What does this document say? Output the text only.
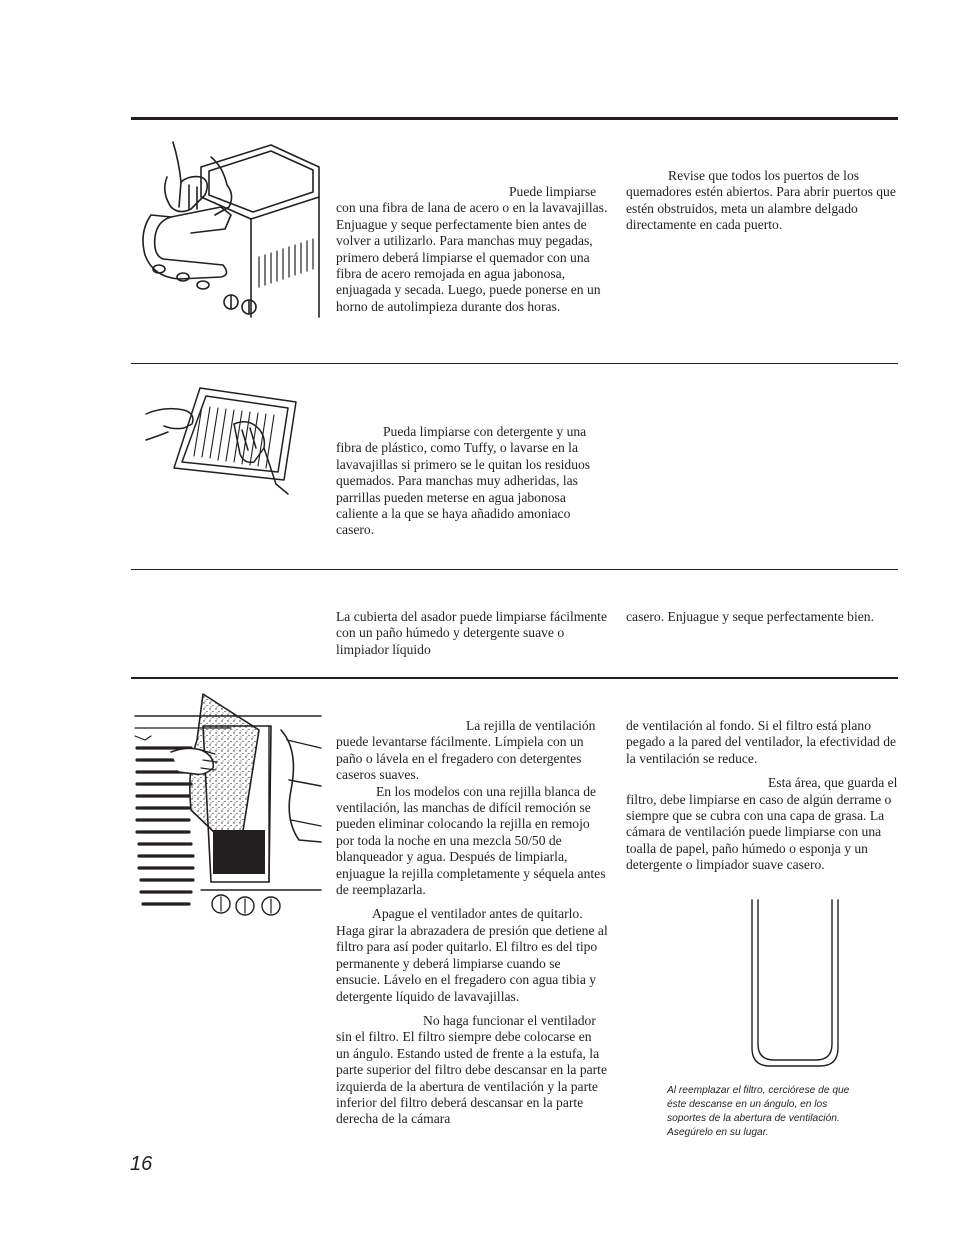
Puede limpiarse con una fibra de lana de acero o en la lavavajillas. Enjuague y seque perfectamente bien antes de volver a utilizarlo. Para manchas muy pegadas, primero deberá limpiarse el quemador con una fibra de acero remojada en agua jabonosa, enjuagada y secada. Luego, puede ponerse en un horno de autolimpieza durante dos horas.

Revise que todos los puertos de los quemadores estén abiertos. Para abrir puertos que estén obstruidos, meta un alambre delgado directamente en cada puerto.

Pueda limpiarse con detergente y una fibra de plástico, como Tuffy, o lavarse en la lavavajillas si primero se le quitan los residuos quemados. Para manchas muy adheridas, las parrillas pueden meterse en agua jabonosa caliente a la que se haya añadido amoniaco casero.

La cubierta del asador puede limpiarse fácilmente con un paño húmedo y detergente suave o limpiador líquido

casero. Enjuague y seque perfectamente bien.

La rejilla de ventilación puede levantarse fácilmente. Límpiela con un paño o lávela en el fregadero con detergentes caseros suaves.

En los modelos con una rejilla blanca de ventilación, las manchas de difícil remoción se pueden eliminar colocando la rejilla en remojo por toda la noche en una mezcla 50/50 de blanqueador y agua. Después de limpiarla, enjuague la rejilla completamente y séquela antes de reemplazarla.

Apague el ventilador antes de quitarlo. Haga girar la abrazadera de presión que detiene al filtro para así poder quitarlo. El filtro es del tipo permanente y deberá limpiarse cuando se ensucie. Lávelo en el fregadero con agua tibia y detergente líquido de lavavajillas.

No haga funcionar el ventilador sin el filtro. El filtro siempre debe colocarse en un ángulo. Estando usted de frente a la estufa, la parte superior del filtro debe descansar en la parte izquierda de la abertura de ventilación y la parte inferior del filtro deberá descansar en la parte derecha de la cámara

de ventilación al fondo. Si el filtro está plano pegado a la pared del ventilador, la efectividad de la ventilación se reduce.

Esta área, que guarda el filtro, debe limpiarse en caso de algún derrame o siempre que se cubra con una capa de grasa. La cámara de ventilación puede limpiarse con una toalla de papel, paño húmedo o esponja y un detergente o limpiador suave casero.

Al reemplazar el filtro, cerciórese de que éste descanse en un ángulo, en los soportes de la abertura de ventilación. Asegúrelo en su lugar.

16
